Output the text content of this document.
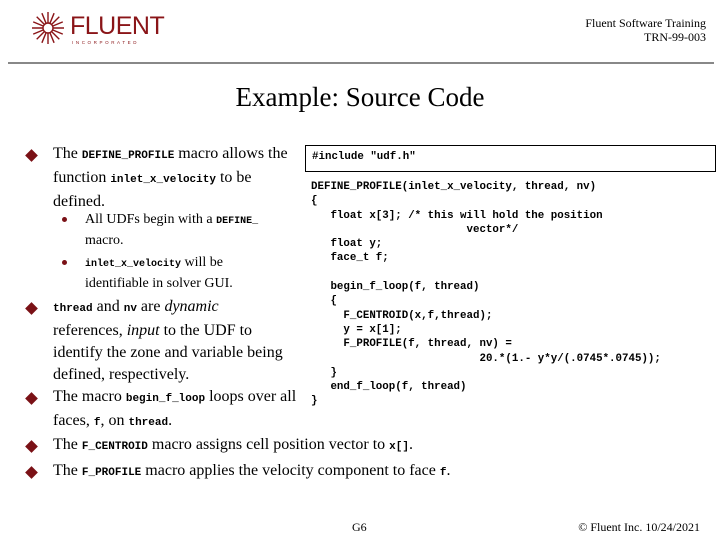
FLUENT
INCORPORATED
Fluent Software Training
TRN-99-003
Example: Source Code
The DEFINE_PROFILE macro allows the function inlet_x_velocity to be defined.
All UDFs begin with a DEFINE_ macro.
inlet_x_velocity will be identifiable in solver GUI.
thread and nv are dynamic references, input to the UDF to identify the zone and variable being defined, respectively.
The macro begin_f_loop loops over all faces, f, on thread.
The F_CENTROID macro assigns cell position vector to x[].
The F_PROFILE macro applies the velocity component to face f.
#include "udf.h"
DEFINE_PROFILE(inlet_x_velocity, thread, nv)
{
float x[3]; /* this will hold the position
vector*/
float y;
face_t f;

begin_f_loop(f, thread)
{
F_CENTROID(x,f,thread);
y = x[1];
F_PROFILE(f, thread, nv) =
20.*(1.- y*y/(.0745*.0745));
}
end_f_loop(f, thread)
}
G6	© Fluent Inc. 10/24/2021
